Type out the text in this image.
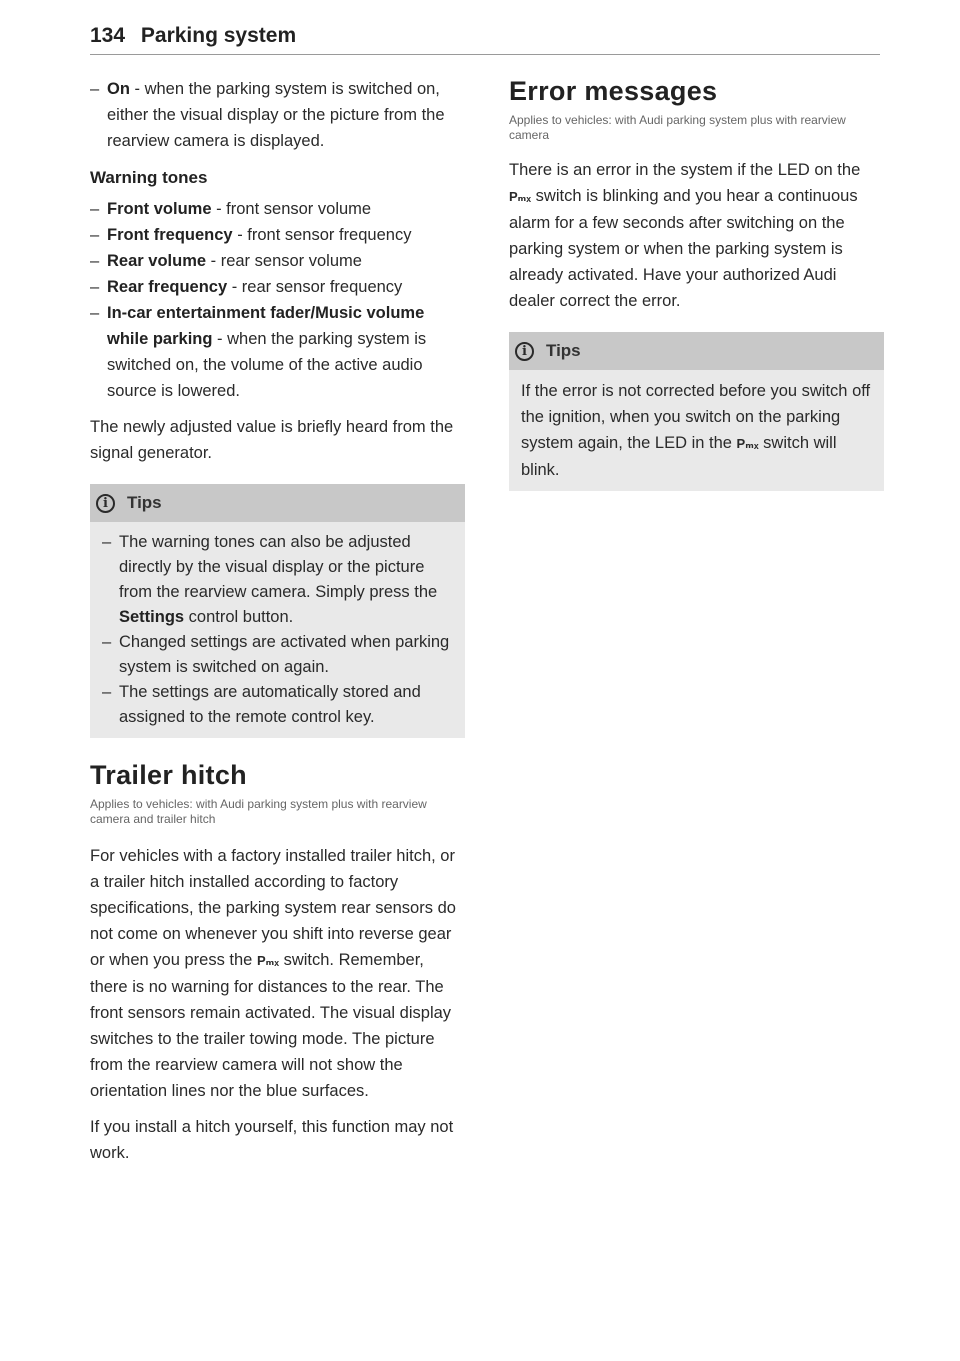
134 Parking system
– On - when the parking system is switched on, either the visual display or the picture from the rearview camera is displayed.
Warning tones
– Front volume - front sensor volume
– Front frequency - front sensor frequency
– Rear volume - rear sensor volume
– Rear frequency - rear sensor frequency
– In-car entertainment fader/Music volume while parking - when the parking system is switched on, the volume of the active audio source is lowered.

The newly adjusted value is briefly heard from the signal generator.

i	Tips
– The warning tones can also be adjusted directly by the visual display or the picture from the rearview camera. Simply press the Settings control button.
– Changed settings are activated when parking system is switched on again.
– The settings are automatically stored and assigned to the remote control key.
Trailer hitch
Applies to vehicles: with Audi parking system plus with rearview camera and trailer hitch

For vehicles with a factory installed trailer hitch, or a trailer hitch installed according to factory specifications, the parking system rear sensors do not come on whenever you shift into reverse gear or when you press the Pₘₓ switch. Remember, there is no warning for distances to the rear. The front sensors remain activated. The visual display switches to the trailer towing mode. The picture from the rearview camera will not show the orientation lines nor the blue surfaces.

If you install a hitch yourself, this function may not work.

Error messages
Applies to vehicles: with Audi parking system plus with rearview camera

There is an error in the system if the LED on the Pₘₓ switch is blinking and you hear a continuous alarm for a few seconds after switching on the parking system or when the parking system is already activated. Have your authorized Audi dealer correct the error.

i	Tips

If the error is not corrected before you switch off the ignition, when you switch on the parking system again, the LED in the Pₘₓ switch will blink.
